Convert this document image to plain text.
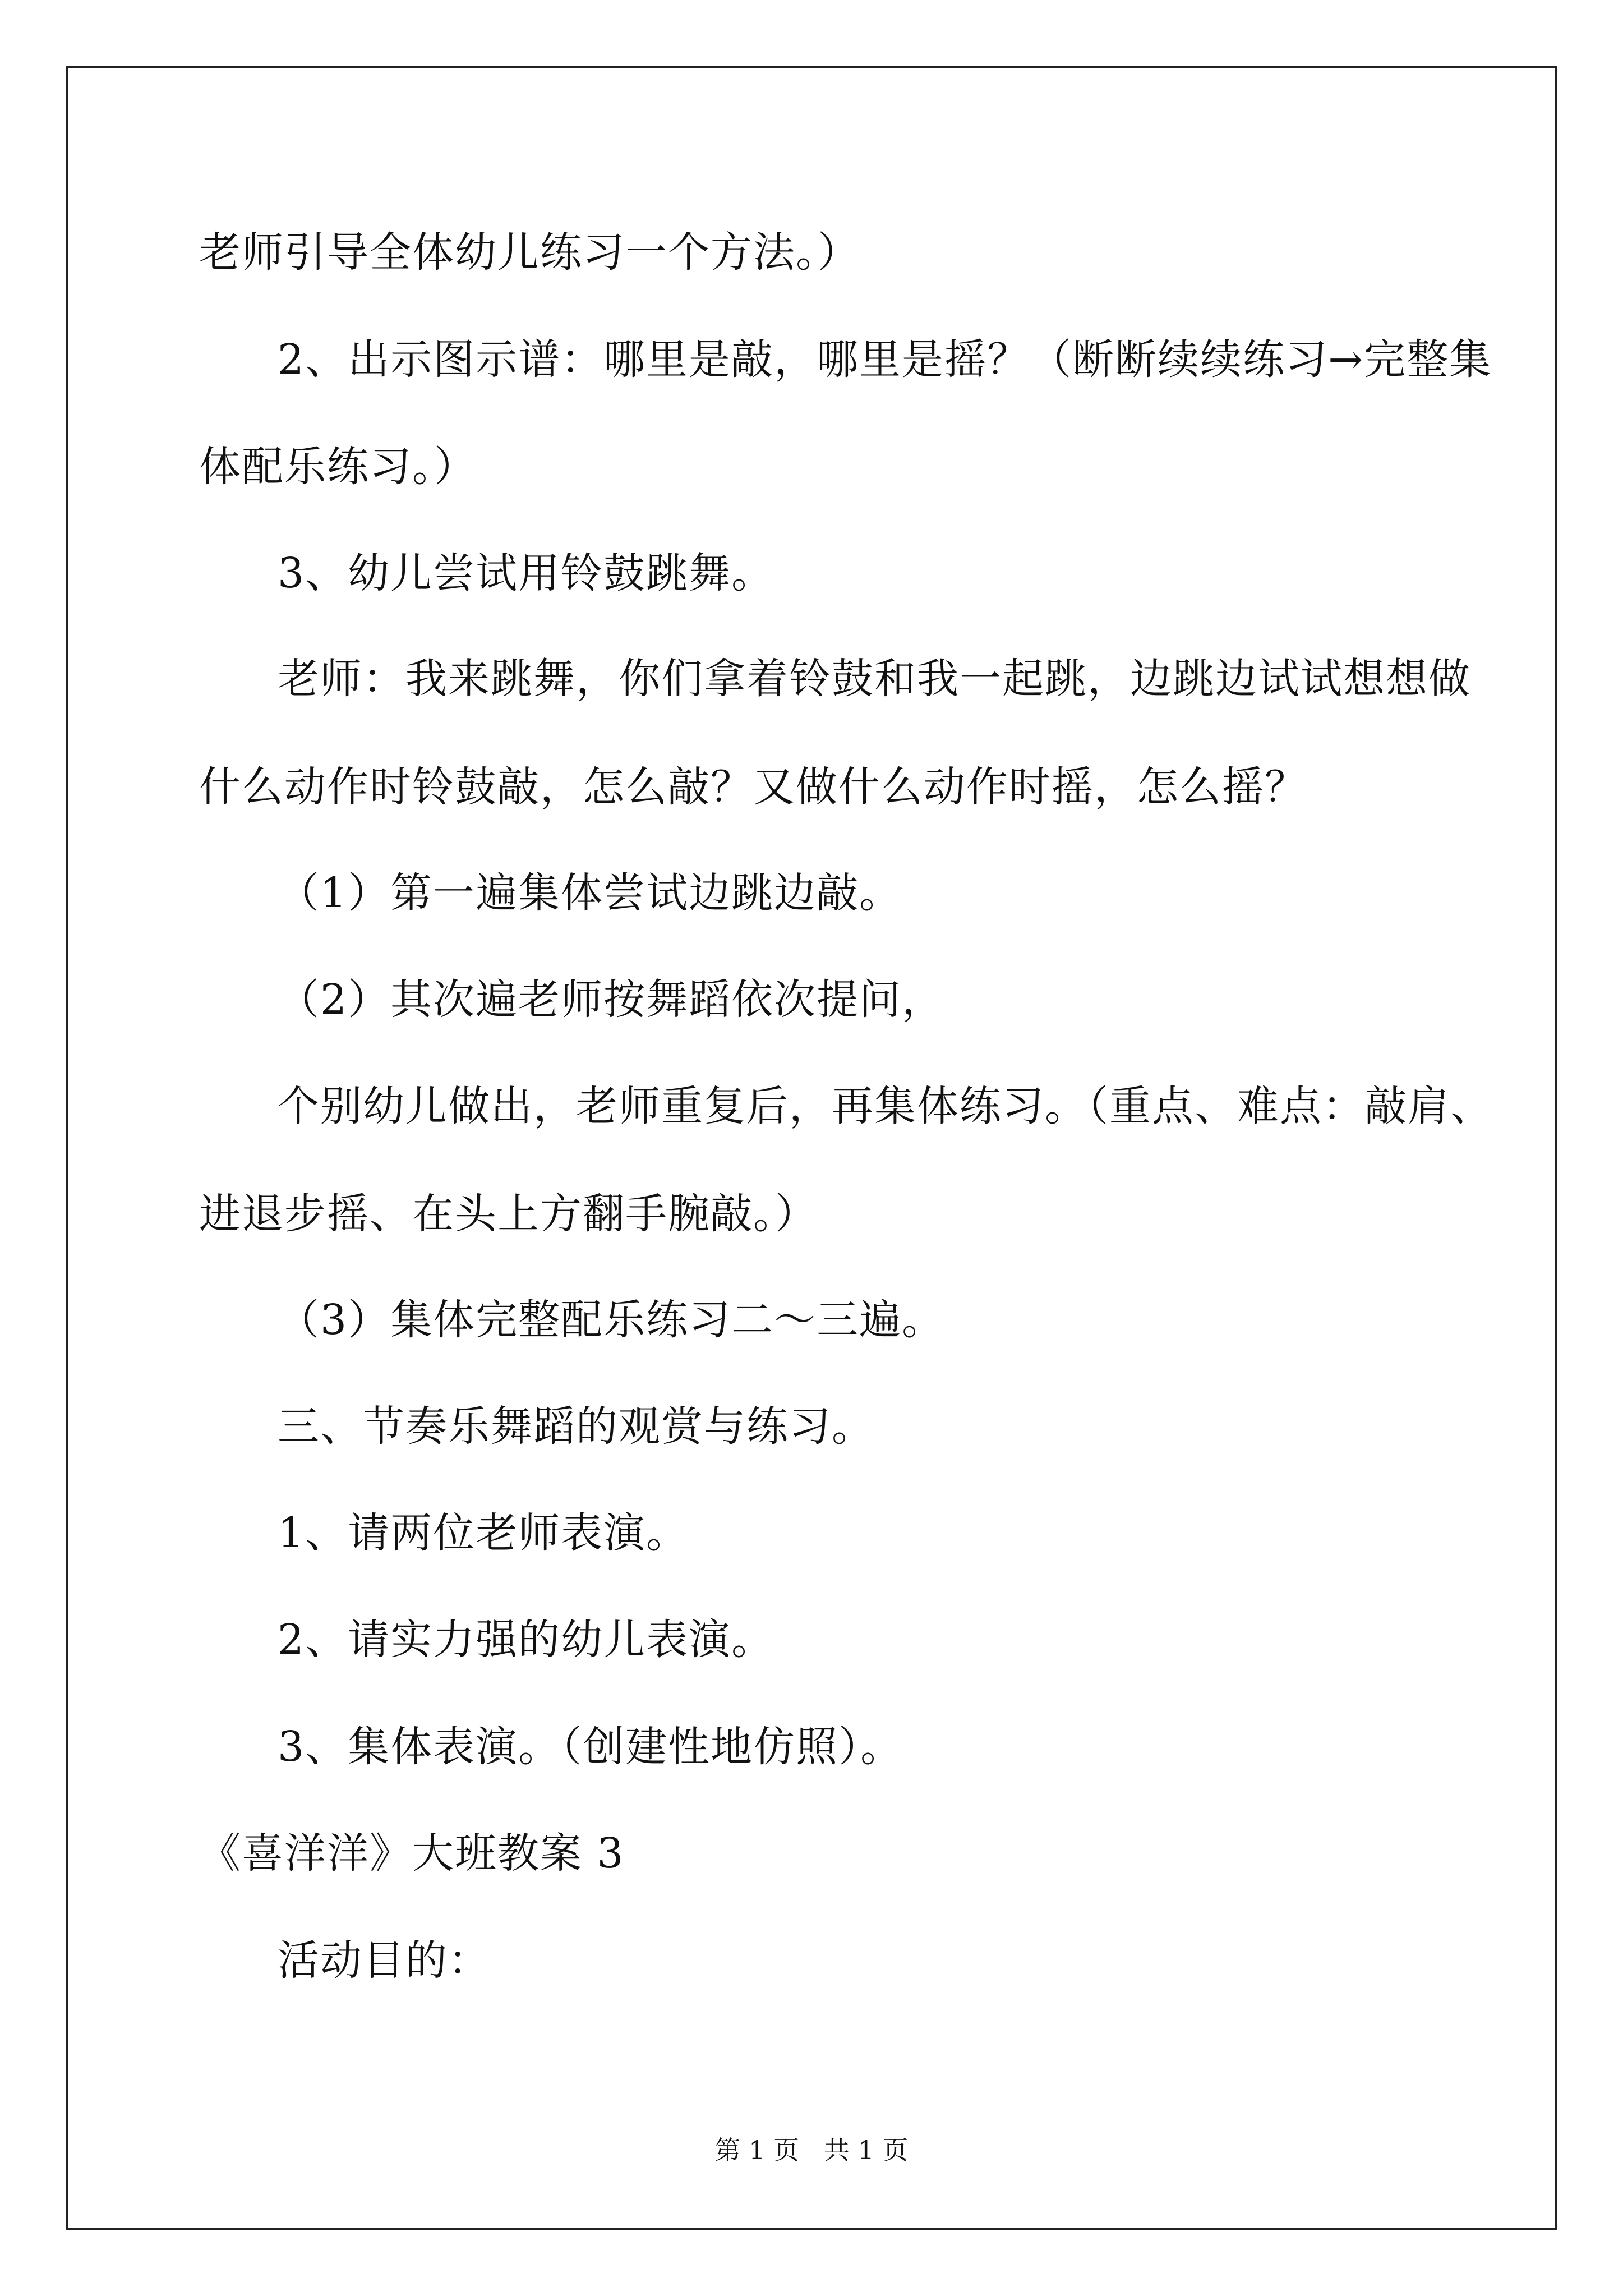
老师引导全体幼儿练习一个方法。）
2、出示图示谱：哪里是敲，哪里是摇？（断断续续练习→完整集
体配乐练习。）
3、幼儿尝试用铃鼓跳舞。
老师：我来跳舞，你们拿着铃鼓和我一起跳，边跳边试试想想做
什么动作时铃鼓敲，怎么敲？又做什么动作时摇，怎么摇？
（1）第一遍集体尝试边跳边敲。
（2）其次遍老师按舞蹈依次提问，
个别幼儿做出，老师重复后，再集体练习。（重点、难点：敲肩、
进退步摇、在头上方翻手腕敲。）
（3）集体完整配乐练习二～三遍。
三、节奏乐舞蹈的观赏与练习。
1、请两位老师表演。
2、请实力强的幼儿表演。
3、集体表演。（创建性地仿照）。
《喜洋洋》大班教案 3
活动目的：
第 1 页   共 1 页
